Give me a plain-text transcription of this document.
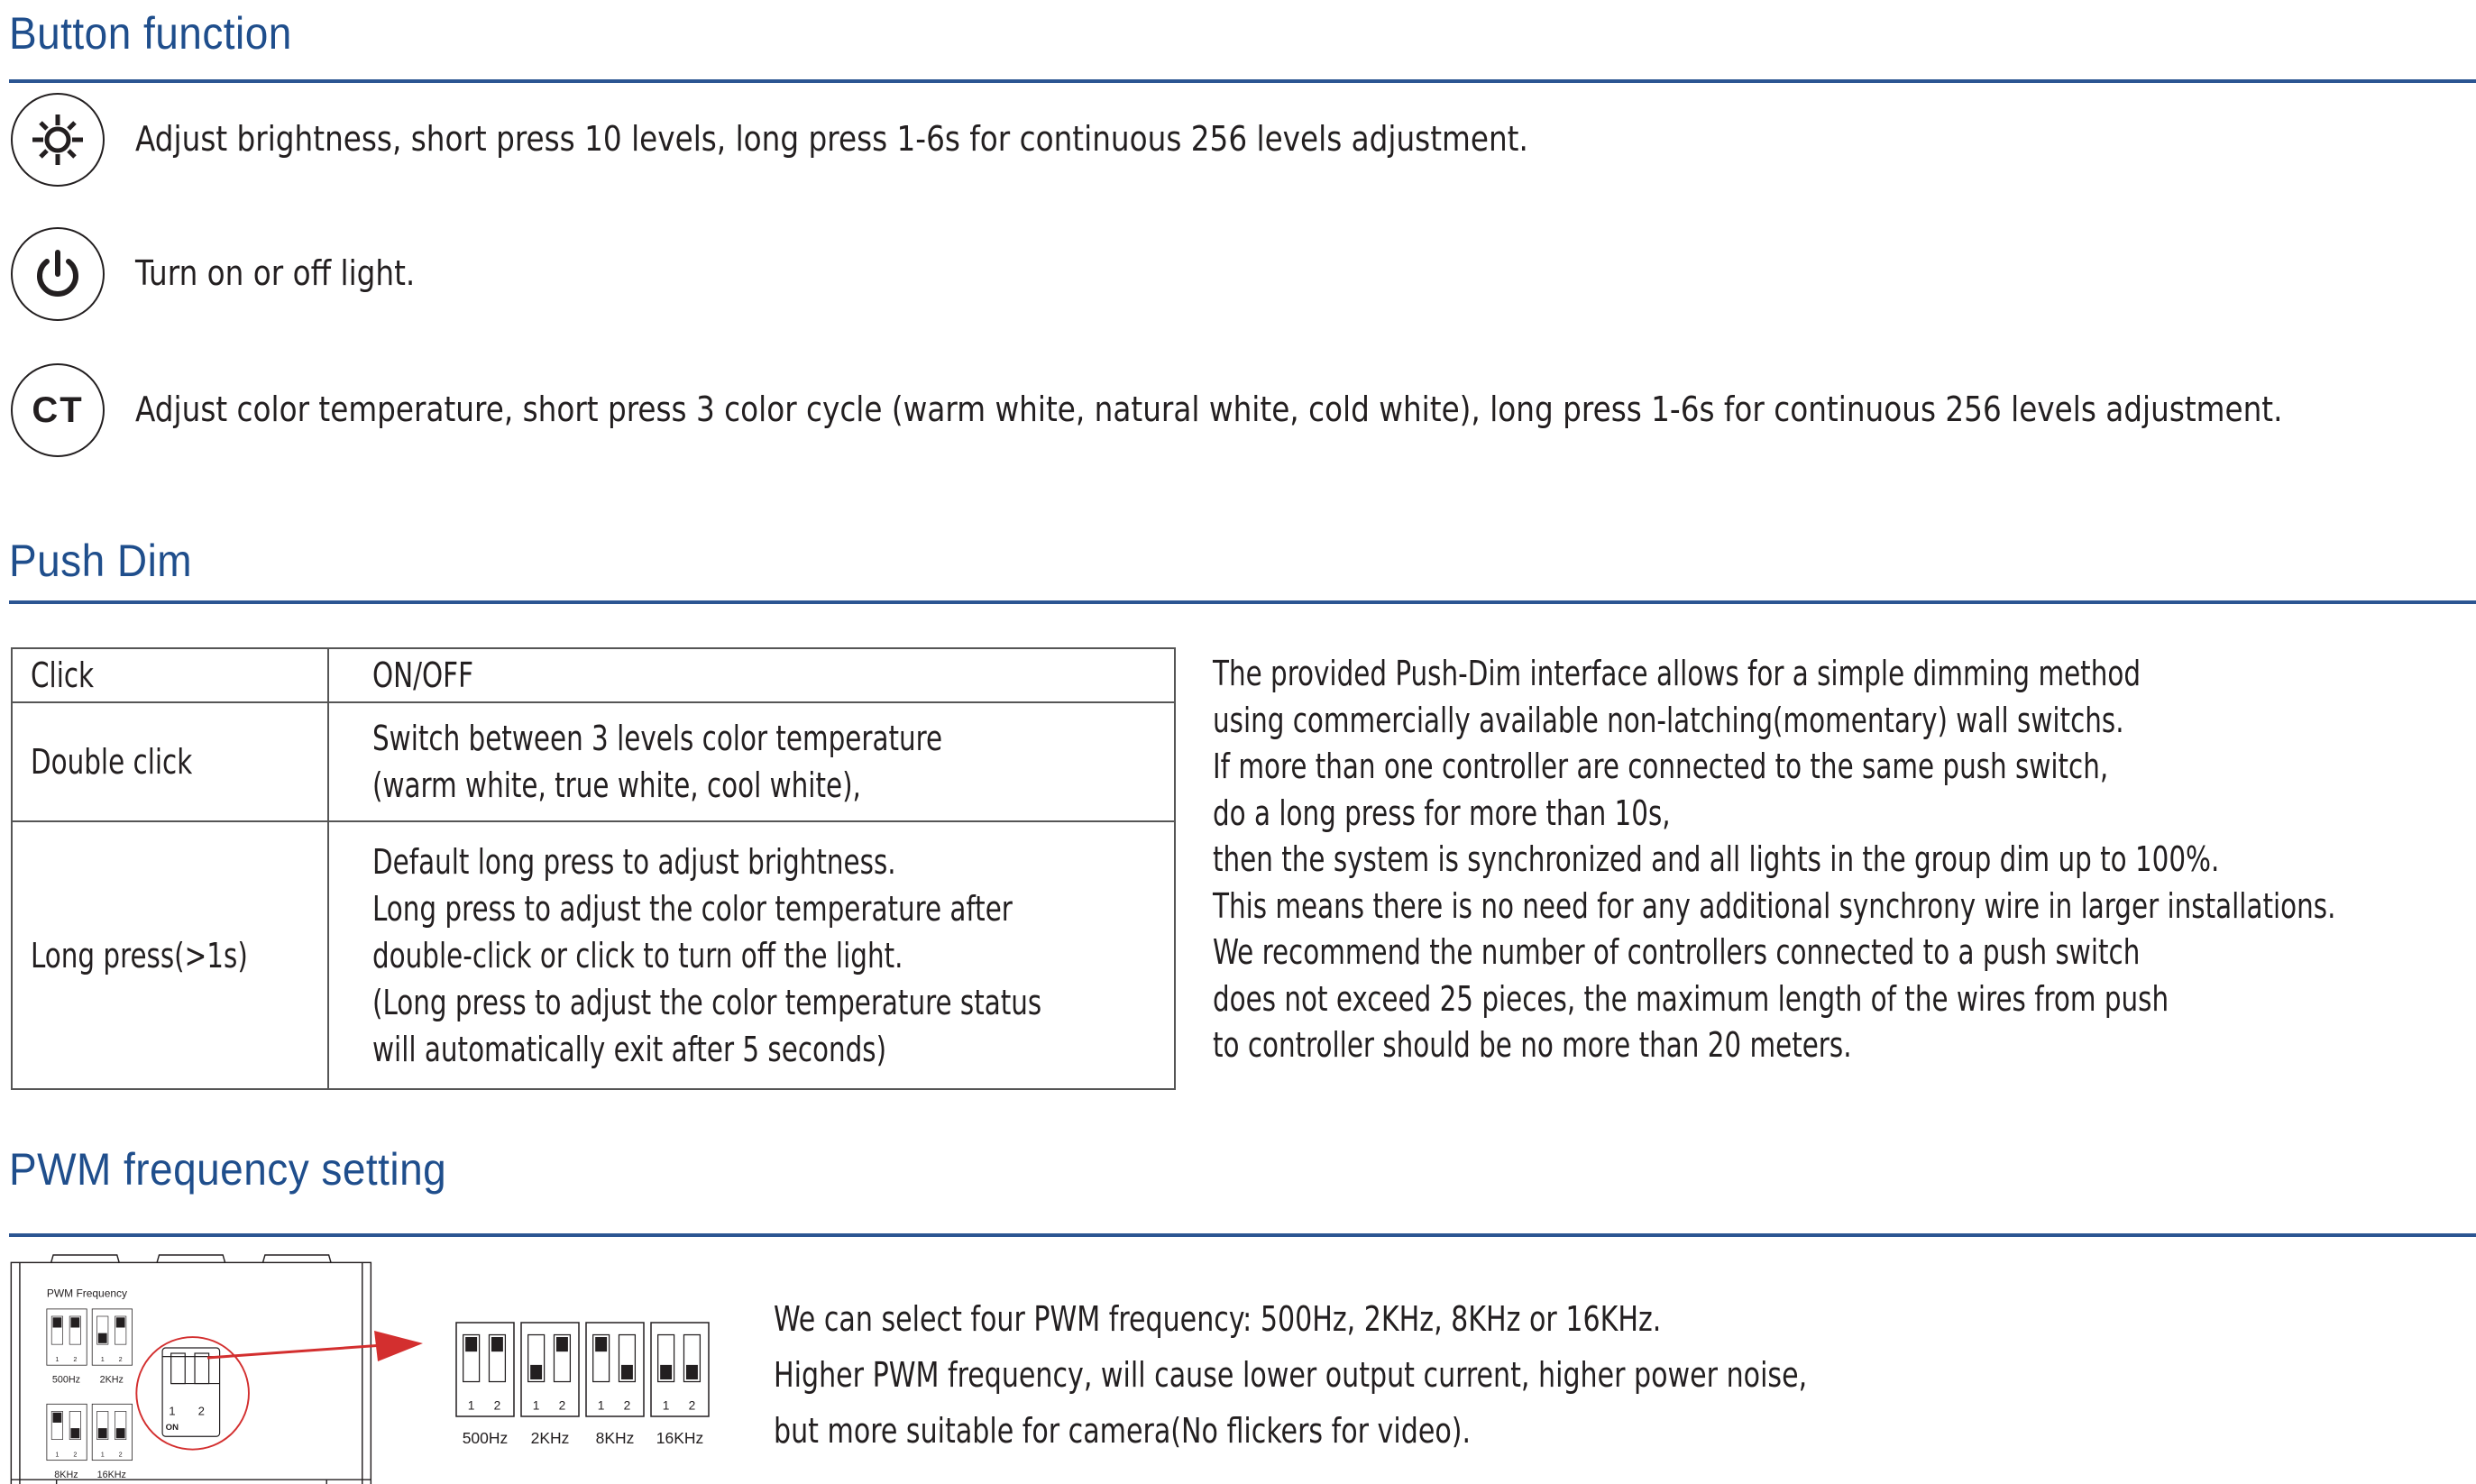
Button function
Adjust brightness, short press 10 levels, long press 1-6s for continuous 256 levels adjustment.
Turn on or off light.
CT Adjust color temperature, short press 3 color cycle (warm white, natural white, cold white), long press 1-6s for continuous 256 levels adjustment.
Push Dim
Click	ON/OFF

Double click	Switch between 3 levels color temperature
(warm white, true white, cool white),

Long press(>1s)	Default long press to adjust brightness.
Long press to adjust the color temperature after
double-click or click to turn off the light.
(Long press to adjust the color temperature status
will automatically exit after 5 seconds)
The provided Push-Dim interface allows for a simple dimming method
using commercially available non-latching(momentary) wall switchs.
If more than one controller are connected to the same push switch,
do a long press for more than 10s,
then the system is synchronized and all lights in the group dim up to 100%.
This means there is no need for any additional synchrony wire in larger installations.
We recommend the number of controllers connected to a push switch
does not exceed 25 pieces, the maximum length of the wires from push
to controller should be no more than 20 meters.
PWM frequency setting
PWM Frequency
1	2
500Hz
1	2
2KHz
1	2
8KHz
1	2
16KHz
1 2
ON
1 2
500Hz
1 2
2KHz
1 2
8KHz
1 2
16KHz
We can select four PWM frequency: 500Hz, 2KHz, 8KHz or 16KHz.
Higher PWM frequency, will cause lower output current, higher power noise,
but more suitable for camera(No flickers for video).
